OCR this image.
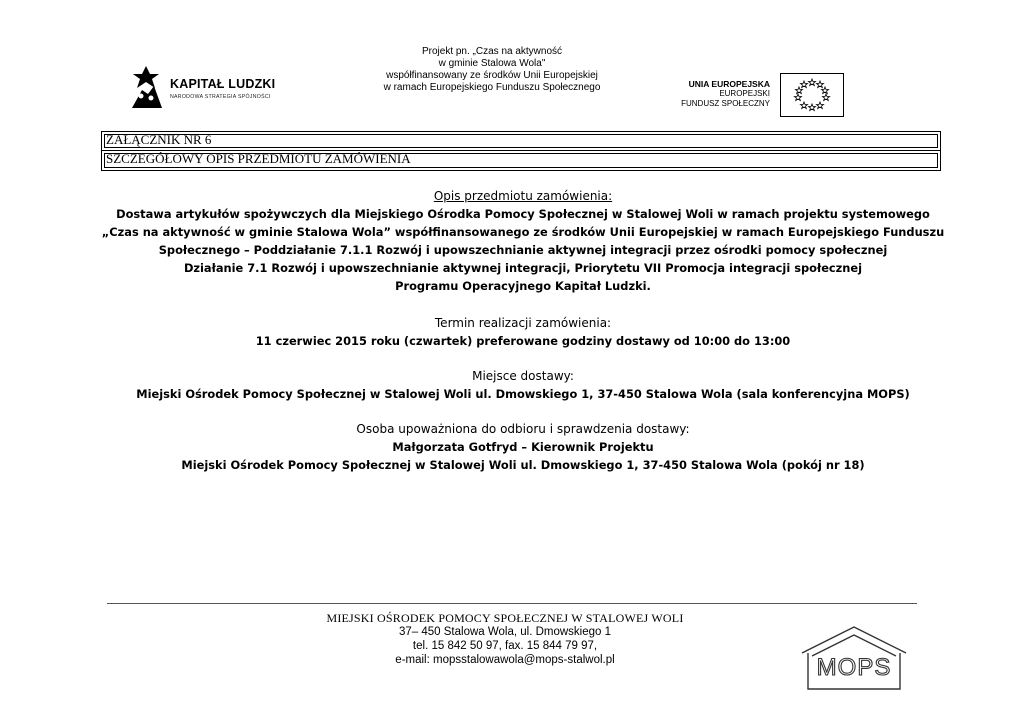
KAPITAŁ LUDZKI
NARODOWA STRATEGIA SPÓJNOŚCI
Projekt pn. „Czas na aktywność
w gminie Stalowa Wola"
współfinansowany ze środków Unii Europejskiej
w ramach Europejskiego Funduszu Społecznego	UNIA EUROPEJSKA
EUROPEJSKI
FUNDUSZ SPOŁECZNY
ZAŁĄCZNIK NR 6
SZCZEGÓŁOWY OPIS PRZEDMIOTU ZAMÓWIENIA
Opis przedmiotu zamówienia:
Dostawa artykułów spożywczych dla Miejskiego Ośrodka Pomocy Społecznej w Stalowej Woli w ramach projektu systemowego
„Czas na aktywność w gminie Stalowa Wola” współfinansowanego ze środków Unii Europejskiej w ramach Europejskiego Funduszu
Społecznego – Poddziałanie 7.1.1 Rozwój i upowszechnianie aktywnej integracji przez ośrodki pomocy społecznej
Działanie 7.1 Rozwój i upowszechnianie aktywnej integracji, Priorytetu VII Promocja integracji społecznej
Programu Operacyjnego Kapitał Ludzki.
Termin realizacji zamówienia:
11 czerwiec 2015 roku (czwartek) preferowane godziny dostawy od 10:00 do 13:00
Miejsce dostawy:
Miejski Ośrodek Pomocy Społecznej w Stalowej Woli ul. Dmowskiego 1, 37-450 Stalowa Wola (sala konferencyjna MOPS)
Osoba upoważniona do odbioru i sprawdzenia dostawy:
Małgorzata Gotfryd – Kierownik Projektu
Miejski Ośrodek Pomocy Społecznej w Stalowej Woli ul. Dmowskiego 1, 37-450 Stalowa Wola (pokój nr 18)
MIEJSKI OŚRODEK POMOCY SPOŁECZNEJ W STALOWEJ WOLI
37– 450 Stalowa Wola, ul. Dmowskiego 1
tel. 15 842 50 97, fax. 15 844 79 97,
e-mail: mopsstalowawola@mops-stalwol.pl	MOPS
